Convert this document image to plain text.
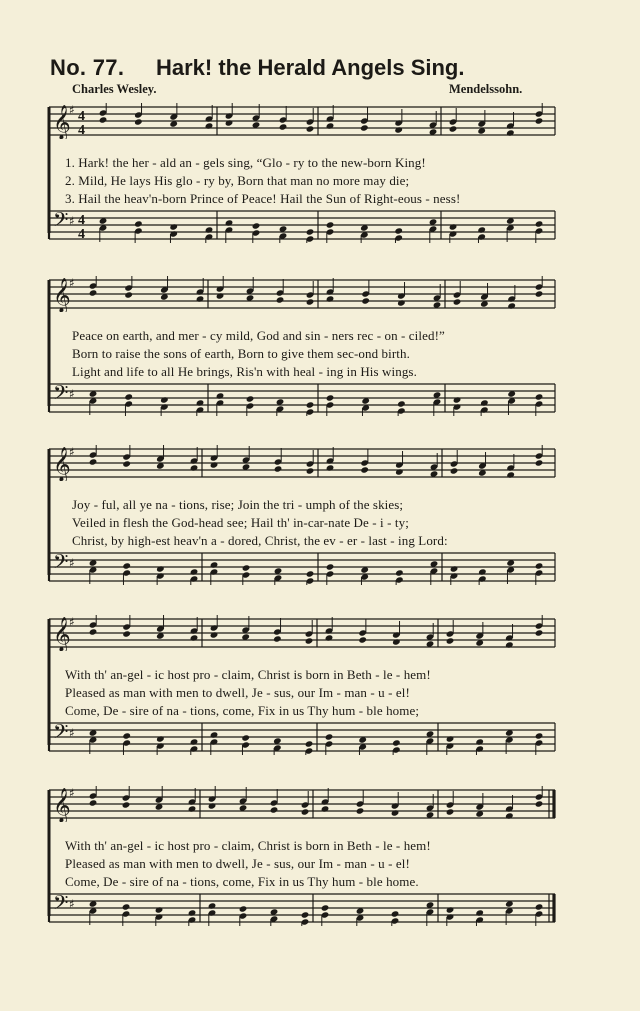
No. 77. Hark! the Herald Angels Sing.
Charles Wesley.	Mendelssohn.
𝄞
♯ 4
4
1. Hark! the her - ald an - gels sing, “Glo - ry to the new-born King!
2. Mild, He lays His glo - ry by, Born that man no more may die;
3. Hail the heav'n-born Prince of Peace! Hail the Sun of Right-eous - ness!
𝄢 ♯ 4
4
𝄞
♯
Peace on earth, and mer - cy mild, God and sin - ners rec - on - ciled!”
Born to raise the sons of earth, Born to give them sec-ond birth.
Light and life to all He brings, Ris'n with heal - ing in His wings.
𝄢 ♯
𝄞
♯
Joy - ful, all ye na - tions, rise; Join the tri - umph of the skies;
Veiled in flesh the God-head see; Hail th' in-car-nate De - i - ty;
Christ, by high-est heav'n a - dored, Christ, the ev - er - last - ing Lord:
𝄢 ♯
𝄞
♯
With th' an-gel - ic host pro - claim, Christ is born in Beth - le - hem!
Pleased as man with men to dwell, Je - sus, our Im - man - u - el!
Come, De - sire of na - tions, come, Fix in us Thy hum - ble home;
𝄢 ♯
𝄞
♯
With th' an-gel - ic host pro - claim, Christ is born in Beth - le - hem!
Pleased as man with men to dwell, Je - sus, our Im - man - u - el!
Come, De - sire of na - tions, come, Fix in us Thy hum - ble home.
𝄢 ♯
